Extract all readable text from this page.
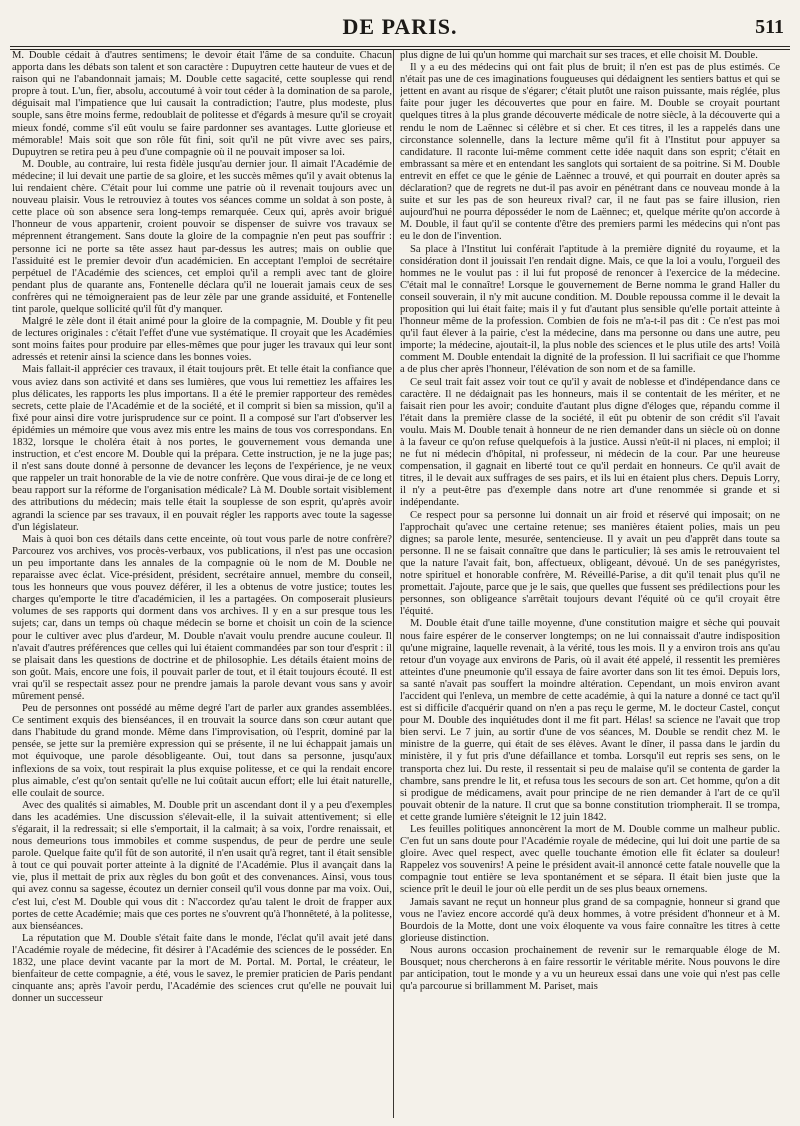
DE PARIS.	511

M. Double cédait à d'autres sentimens; le devoir était l'âme de sa conduite. Chacun apporta dans les débats son talent et son caractère : Dupuytren cette hauteur de vues et de raison qui ne l'abandonnait jamais; M. Double cette sagacité, cette souplesse qui rend propre à tout. L'un, fier, absolu, accoutumé à voir tout céder à la domination de sa parole, déguisait mal l'impatience que lui causait la contradiction; l'autre, plus modeste, plus souple, sans être moins ferme, redoublait de politesse et d'égards à mesure qu'il se croyait mieux fondé, comme s'il eût voulu se faire pardonner ses avantages. Lutte glorieuse et mémorable! Mais soit que son rôle fût fini, soit qu'il ne pût vivre avec ses pairs, Dupuytren se retira peu à peu d'une compagnie où il ne pouvait imposer sa loi.

M. Double, au contraire, lui resta fidèle jusqu'au dernier jour. Il aimait l'Académie de médecine; il lui devait une partie de sa gloire, et les succès mêmes qu'il y avait obtenus la lui rendaient chère. C'était pour lui comme une patrie où il revenait toujours avec un nouveau plaisir. Vous le retrouviez à toutes vos séances comme un soldat à son poste, à cette place où son absence sera long-temps remarquée. Ceux qui, après avoir brigué l'honneur de vous appartenir, croient pouvoir se dispenser de suivre vos travaux se méprennent étrangement. Sans doute la gloire de la compagnie n'en peut pas souffrir : personne ici ne porte sa tête assez haut par-dessus les autres; mais on oublie que l'assiduité est le premier devoir d'un académicien. En acceptant l'emploi de secrétaire perpétuel de l'Académie des sciences, cet emploi qu'il a rempli avec tant de gloire pendant plus de quarante ans, Fontenelle déclara qu'il ne louerait jamais ceux de ses confrères qui ne témoigneraient pas de leur zèle par une grande assiduité, et Fontenelle tint parole, quelque sollicité qu'il fût d'y manquer.

Malgré le zèle dont il était animé pour la gloire de la compagnie, M. Double y fit peu de lectures originales : c'était l'effet d'une vue systématique. Il croyait que les Académies sont moins faites pour produire par elles-mêmes que pour juger les travaux qui leur sont adressés et retenir ainsi la science dans les bonnes voies.

Mais fallait-il apprécier ces travaux, il était toujours prêt. Et telle était la confiance que vous aviez dans son activité et dans ses lumières, que vous lui remettiez les affaires les plus délicates, les rapports les plus importans. Il a été le premier rapporteur des remèdes secrets, cette plaie de l'Académie et de la société, et il comprit si bien sa mission, qu'il a fixé pour ainsi dire votre jurisprudence sur ce point. Il a composé sur l'art d'observer les épidémies un mémoire que vous avez mis entre les mains de tous vos correspondans. En 1832, lorsque le choléra était à nos portes, le gouvernement vous demanda une instruction, et c'est encore M. Double qui la prépara. Cette instruction, je ne la juge pas; il n'est sans doute donné à personne de devancer les leçons de l'expérience, je ne veux que rappeler un trait honorable de la vie de notre confrère. Que vous dirai-je de ce long et beau rapport sur la réforme de l'organisation médicale? Là M. Double sortait visiblement des attributions du médecin; mais telle était la souplesse de son esprit, qu'après avoir agrandi la science par ses travaux, il en pouvait régler les rapports avec toute la sagesse d'un législateur.

Mais à quoi bon ces détails dans cette enceinte, où tout vous parle de notre confrère? Parcourez vos archives, vos procès-verbaux, vos publications, il n'est pas une occasion un peu importante dans les annales de la compagnie où le nom de M. Double ne reparaisse avec éclat. Vice-président, président, secrétaire annuel, membre du conseil, tous les honneurs que vous pouvez déférer, il les a obtenus de votre justice; toutes les charges qu'emporte le titre d'académicien, il les a partagées. On composerait plusieurs volumes de ses rapports qui dorment dans vos archives. Il y en a sur presque tous les sujets; car, dans un temps où chaque médecin se borne et choisit un coin de la science pour le cultiver avec plus d'ardeur, M. Double n'avait voulu prendre aucune couleur. Il n'avait d'autres préférences que celles qui lui étaient commandées par son tour d'esprit : il se plaisait dans les questions de doctrine et de philosophie. Les détails étaient moins de son goût. Mais, encore une fois, il pouvait parler de tout, et il était toujours écouté. Il est vrai qu'il se respectait assez pour ne prendre jamais la parole devant vous sans y avoir mûrement pensé.

Peu de personnes ont possédé au même degré l'art de parler aux grandes assemblées. Ce sentiment exquis des bienséances, il en trouvait la source dans son cœur autant que dans l'habitude du grand monde. Même dans l'improvisation, où l'esprit, dominé par la pensée, se jette sur la première expression qui se présente, il ne lui échappait jamais un mot équivoque, une parole désobligeante. Oui, tout dans sa personne, jusqu'aux inflexions de sa voix, tout respirait la plus exquise politesse, et ce qui la rendait encore plus aimable, c'est qu'on sentait qu'elle ne lui coûtait aucun effort; elle lui était naturelle, elle coulait de source.

Avec des qualités si aimables, M. Double prit un ascendant dont il y a peu d'exemples dans les académies. Une discussion s'élevait-elle, il la suivait attentivement; si elle s'égarait, il la redressait; si elle s'emportait, il la calmait; à sa voix, l'ordre renaissait, et nous demeurions tous immobiles et comme suspendus, de peur de perdre une seule parole. Quelque faite qu'il fût de son autorité, il n'en usait qu'à regret, tant il était sensible à tout ce qui pouvait porter atteinte à la dignité de l'Académie. Plus il avançait dans la vie, plus il mettait de prix aux règles du bon goût et des convenances. Ainsi, vous tous qui avez connu sa sagesse, écoutez un dernier conseil qu'il vous donne par ma voix. Oui, c'est lui, c'est M. Double qui vous dit : N'accordez qu'au talent le droit de frapper aux portes de cette Académie; mais que ces portes ne s'ouvrent qu'à l'honnêteté, à la politesse, aux bienséances.

La réputation que M. Double s'était faite dans le monde, l'éclat qu'il avait jeté dans l'Académie royale de médecine, fit désirer à l'Académie des sciences de le posséder. En 1832, une place devint vacante par la mort de M. Portal. M. Portal, le créateur, le bienfaiteur de cette compagnie, a été, vous le savez, le premier praticien de Paris pendant cinquante ans; après l'avoir perdu, l'Académie des sciences crut qu'elle ne pouvait lui donner un successeur

plus digne de lui qu'un homme qui marchait sur ses traces, et elle choisit M. Double.

Il y a eu des médecins qui ont fait plus de bruit; il n'en est pas de plus estimés. Ce n'était pas une de ces imaginations fougueuses qui dédaignent les sentiers battus et qui se jettent en avant au risque de s'égarer; c'était plutôt une raison puissante, mais réglée, plus faite pour juger les découvertes que pour en faire. M. Double se croyait pourtant quelques titres à la plus grande découverte médicale de notre siècle, à la découverte qui a rendu le nom de Laënnec si célèbre et si cher. Et ces titres, il les a rappelés dans une circonstance solennelle, dans la lecture même qu'il fit à l'Institut pour appuyer sa candidature. Il raconte lui-même comment cette idée naquit dans son esprit; c'était en embrassant sa mère et en entendant les sanglots qui sortaient de sa poitrine. Si M. Double entrevit en effet ce que le génie de Laënnec a trouvé, et qui pourrait en douter après sa déclaration? que de regrets ne dut-il pas avoir en pénétrant dans ce nouveau monde à la suite et sur les pas de son heureux rival? car, il ne faut pas se faire illusion, rien aujourd'hui ne pourra déposséder le nom de Laënnec; et, quelque mérite qu'on accorde à M. Double, il faut qu'il se contente d'être des premiers parmi les médecins qui n'ont pas eu le don de l'invention.

Sa place à l'Institut lui conférait l'aptitude à la première dignité du royaume, et la considération dont il jouissait l'en rendait digne. Mais, ce que la loi a voulu, l'orgueil des hommes ne le voulut pas : il lui fut proposé de renoncer à l'exercice de la médecine. C'était mal le connaître! Lorsque le gouvernement de Berne nomma le grand Haller du conseil souverain, il n'y mit aucune condition. M. Double repoussa comme il le devait la proposition qui lui était faite; mais il y fut d'autant plus sensible qu'elle portait atteinte à l'honneur même de la profession. Combien de fois ne m'a-t-il pas dit : Ce n'est pas moi qu'il faut élever à la pairie, c'est la médecine, dans ma personne ou dans une autre, peu importe; la médecine, ajoutait-il, la plus noble des sciences et le plus utile des arts! Voilà comment M. Double entendait la dignité de la profession. Il lui sacrifiait ce que l'homme a de plus cher après l'honneur, l'élévation de son nom et de sa famille.

Ce seul trait fait assez voir tout ce qu'il y avait de noblesse et d'indépendance dans ce caractère. Il ne dédaignait pas les honneurs, mais il se contentait de les mériter, et ne faisait rien pour les avoir; conduite d'autant plus digne d'éloges que, répandu comme il l'était dans la première classe de la société, il eût pu obtenir de son crédit s'il l'avait voulu. Mais M. Double tenait à honneur de ne rien demander dans un siècle où on donne à la faveur ce qu'on refuse quelquefois à la justice. Aussi n'eût-il ni places, ni emploi; il ne fut ni médecin d'hôpital, ni professeur, ni médecin de la cour. Par une heureuse compensation, il gagnait en liberté tout ce qu'il perdait en honneurs. Ce qu'il avait de titres, il le devait aux suffrages de ses pairs, et ils lui en étaient plus chers. Depuis Lorry, il n'y a peut-être pas d'exemple dans notre art d'une renommée si grande et si indépendante.

Ce respect pour sa personne lui donnait un air froid et réservé qui imposait; on ne l'approchait qu'avec une certaine retenue; ses manières étaient polies, mais un peu dignes; sa parole lente, mesurée, sentencieuse. Il y avait un peu d'apprêt dans toute sa personne. Il ne se faisait connaître que dans le particulier; là ses amis le retrouvaient tel que la nature l'avait fait, bon, affectueux, obligeant, dévoué. Un de ses panégyristes, notre spirituel et honorable confrère, M. Réveillé-Parise, a dit qu'il tenait plus qu'il ne promettait. J'ajoute, parce que je le sais, que quelles que fussent ses prédilections pour les personnes, son obligeance s'arrêtait toujours devant l'équité où ce qu'il croyait être l'équité.

M. Double était d'une taille moyenne, d'une constitution maigre et sèche qui pouvait nous faire espérer de le conserver longtemps; on ne lui connaissait d'autre indisposition qu'une migraine, laquelle revenait, à la vérité, tous les mois. Il y a environ trois ans qu'au retour d'un voyage aux environs de Paris, où il avait été appelé, il ressentit les premières atteintes d'une pneumonie qu'il essaya de faire avorter dans son lit tes émoi. Depuis lors, sa santé n'avait pas souffert la moindre altération. Cependant, un mois environ avant l'accident qui l'enleva, un membre de cette académie, à qui la nature a donné ce tact qu'il est si difficile d'acquérir quand on n'en a pas reçu le germe, M. le docteur Castel, conçut pour M. Double des inquiétudes dont il me fit part. Hélas! sa science ne l'avait que trop bien servi. Le 7 juin, au sortir d'une de vos séances, M. Double se rendit chez M. le ministre de la guerre, qui était de ses élèves. Avant le dîner, il passa dans le jardin du ministère, il y fut pris d'une défaillance et tomba. Lorsqu'il eut repris ses sens, on le transporta chez lui. Du reste, il ressentait si peu de malaise qu'il se contenta de garder la chambre, sans prendre le lit, et refusa tous les secours de son art. Cet homme, qu'on a dit si prodigue de médicamens, avait pour principe de ne rien demander à l'art de ce qu'il pouvait obtenir de la nature. Il crut que sa bonne constitution triompherait. Il se trompa, et cette grande lumière s'éteignit le 12 juin 1842.

Les feuilles politiques annoncèrent la mort de M. Double comme un malheur public. C'en fut un sans doute pour l'Académie royale de médecine, qui lui doit une partie de sa gloire. Avec quel respect, avec quelle touchante émotion elle fit éclater sa douleur! Rappelez vos souvenirs! A peine le président avait-il annoncé cette fatale nouvelle que la compagnie tout entière se leva spontanément et se sépara. Il était bien juste que la science prît le deuil le jour où elle perdit un de ses plus beaux ornemens.

Jamais savant ne reçut un honneur plus grand de sa compagnie, honneur si grand que vous ne l'aviez encore accordé qu'à deux hommes, à votre président d'honneur et à M. Bourdois de la Motte, dont une voix éloquente va vous faire connaître les titres à cette glorieuse distinction.

Nous aurons occasion prochainement de revenir sur le remarquable éloge de M. Bousquet; nous chercherons à en faire ressortir le véritable mérite. Nous pouvons le dire par anticipation, tout le monde y a vu un heureux essai dans une voie qui n'est pas celle qu'a parcourue si brillamment M. Pariset, mais
